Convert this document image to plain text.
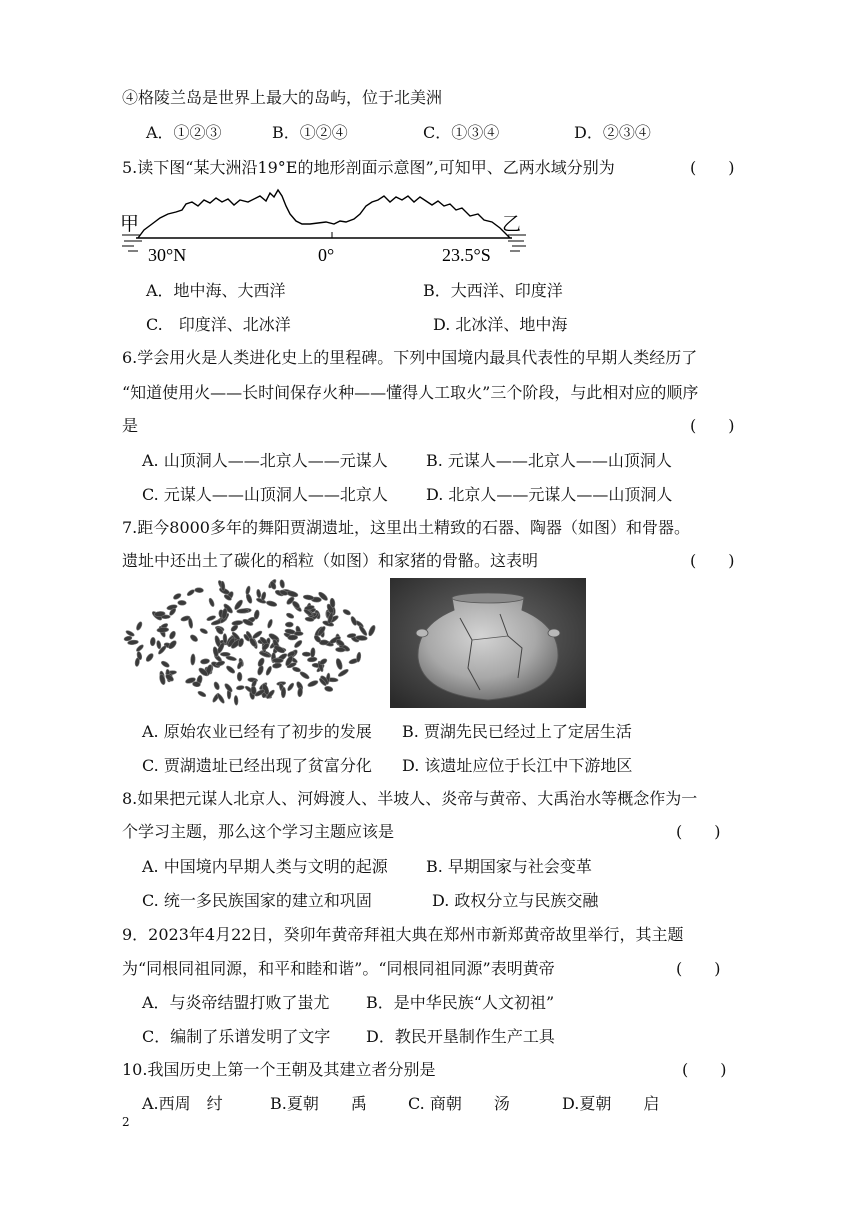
④格陵兰岛是世界上最大的岛屿，位于北美洲
A．①②③	B．①②④	C．①③④	D．②③④
5.读下图“某大洲沿19°E的地形剖面示意图”,可知甲、乙两水域分别为	(　　)
甲	乙
30°N	0°	23.5°S
A．地中海、大西洋	B．大西洋、印度洋
C.　印度洋、北冰洋	D. 北冰洋、地中海
6.学会用火是人类进化史上的里程碑。下列中国境内最具代表性的早期人类经历了
“知道使用火——长时间保存火种——懂得人工取火”三个阶段，与此相对应的顺序
是	(　　)
A. 山顶洞人——北京人——元谋人 B. 元谋人——北京人——山顶洞人
C. 元谋人——山顶洞人——北京人 D. 北京人——元谋人——山顶洞人
7.距今8000多年的舞阳贾湖遗址，这里出土精致的石器、陶器（如图）和骨器。
遗址中还出土了碳化的稻粒（如图）和家猪的骨骼。这表明	(　　)
A. 原始农业已经有了初步的发展 B. 贾湖先民已经过上了定居生活
C. 贾湖遗址已经出现了贫富分化 D. 该遗址应位于长江中下游地区
8.如果把元谋人北京人、河姆渡人、半坡人、炎帝与黄帝、大禹治水等概念作为一
个学习主题，那么这个学习主题应该是	(　　)
A. 中国境内早期人类与文明的起源 B. 早期国家与社会变革
C. 统一多民族国家的建立和巩固	D. 政权分立与民族交融
9．2023年4月22日，癸卯年黄帝拜祖大典在郑州市新郑黄帝故里举行，其主题
为“同根同祖同源，和平和睦和谐”。“同根同祖同源”表明黄帝	(　　)
A．与炎帝结盟打败了蚩尤 B．是中华民族“人文初祖”
C．编制了乐谱发明了文字 D．教民开垦制作生产工具
10.我国历史上第一个王朝及其建立者分别是	(　　)
A.西周　纣	B.夏朝　　禹	C. 商朝　　汤	D.夏朝　　启
2
